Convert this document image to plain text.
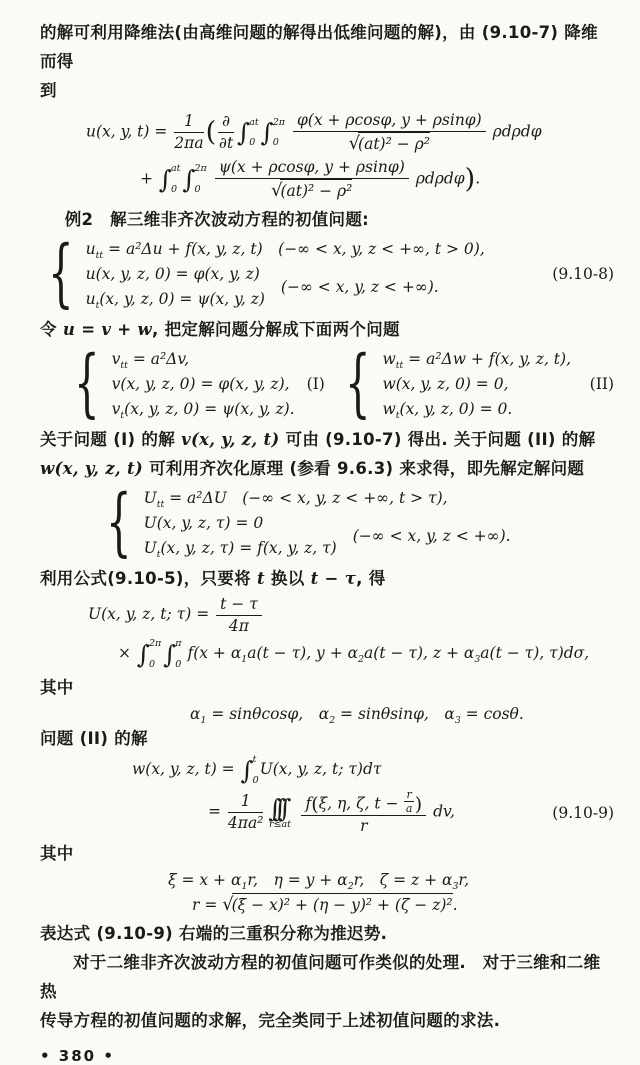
的解可利用降维法(由高维问题的解得出低维问题的解)，由 (9.10-7) 降维而得

到

u(x, y, $t) = \frac{1}{2\pi a}$ ( ∂
∂t ∫ at
0 ∫ 2π
0
$\frac{\varphi(x + \rho\cos\varphi, y + \rho\sin\varphi)}{\text{√(at)² − ρ²}}$ ρdρdφ
+ ∫ at
0 ∫ 2π
0
$\frac{\psi(x + \rho\cos\varphi, y + \rho\sin\varphi)}{\text{√(at)² − ρ²}} \rho d\rho d\varphi$).

例2　解三维非齐次波动方程的初值问题:

{ $u_{tt} = a^2\Delta u + f(x$, y, z, t)　(−∞ < x, y, z < +∞, t > 0),
u(x, y, z, 0) = φ(x, y, z)
$u_t(x$, y, z, 0) = ψ(x, y, z)
(−∞ < x, y, z < +∞).
(9.10-8)

令 u = v + w, 把定解问题分解成下面两个问题

{ $v_{tt} = a^2\Delta v$,
v(x, y, z, 0) = φ(x, y, z),
$v_t(x$, y, z, 0) = ψ(x, y, z).
(I) { $w_{tt} = a^2\Delta w + f(x$, y, z, t),
w(x, y, z, 0) = 0,
$w_t(x$, y, z, 0) = 0.
(II)

关于问题 (I) 的解 v(x, y, z, t) 可由 (9.10-7) 得出. 关于问题 (II) 的解

w(x, y, z, t) 可利用齐次化原理 (参看 9.6.3) 来求得，即先解定解问题

{ $U_{tt} = a^2\Delta U$　(−∞ < x, y, z < +∞, t > τ),
U(x, y, z, τ) = 0
$U_t(x$, y, z, τ) = f(x, y, z, τ)
(−∞ < x, y, z < +∞).

利用公式(9.10-5)，只要将 t 换以 t − τ, 得

U(x, y, z, t; $\tau) = \frac{t - \tau}{4\pi}$
× ∫ 2π
0 ∫ π
0
$f(x + \alpha_1a(t - \tau)$, $y + \alpha_2a(t - \tau)$, $z + \alpha_3a(t - \tau)$, τ)dσ,

其中

$\alpha_1 = \sin\theta\cos\varphi$,　$\alpha_2 = \sin\theta\sin\varphi$,　$\alpha_3 = \cos\theta$.

问题 (II) 的解

w(x, y, z, t) = ∫ t
0
U(x, y, z, t; τ)dτ
= $\frac{1}{\text{4πa²}}$ ∫∫∫
r≤at
$\frac{f(\xi, \eta, \zeta, t - \frac{r}{a} )}{r}$ dv,	(9.10-9)

其中

$\xi = x + \alpha_1r$,　$\eta = y + \alpha_2r$,　$\zeta = z + \alpha_3r$,
r = √(ξ − x)² + (η − y)² + (ζ − z)².

表达式 (9.10-9) 右端的三重积分称为推迟势.

对于二维非齐次波动方程的初值问题可作类似的处理.　对于三维和二维热

传导方程的初值问题的求解，完全类同于上述初值问题的求法.

• 380 •
